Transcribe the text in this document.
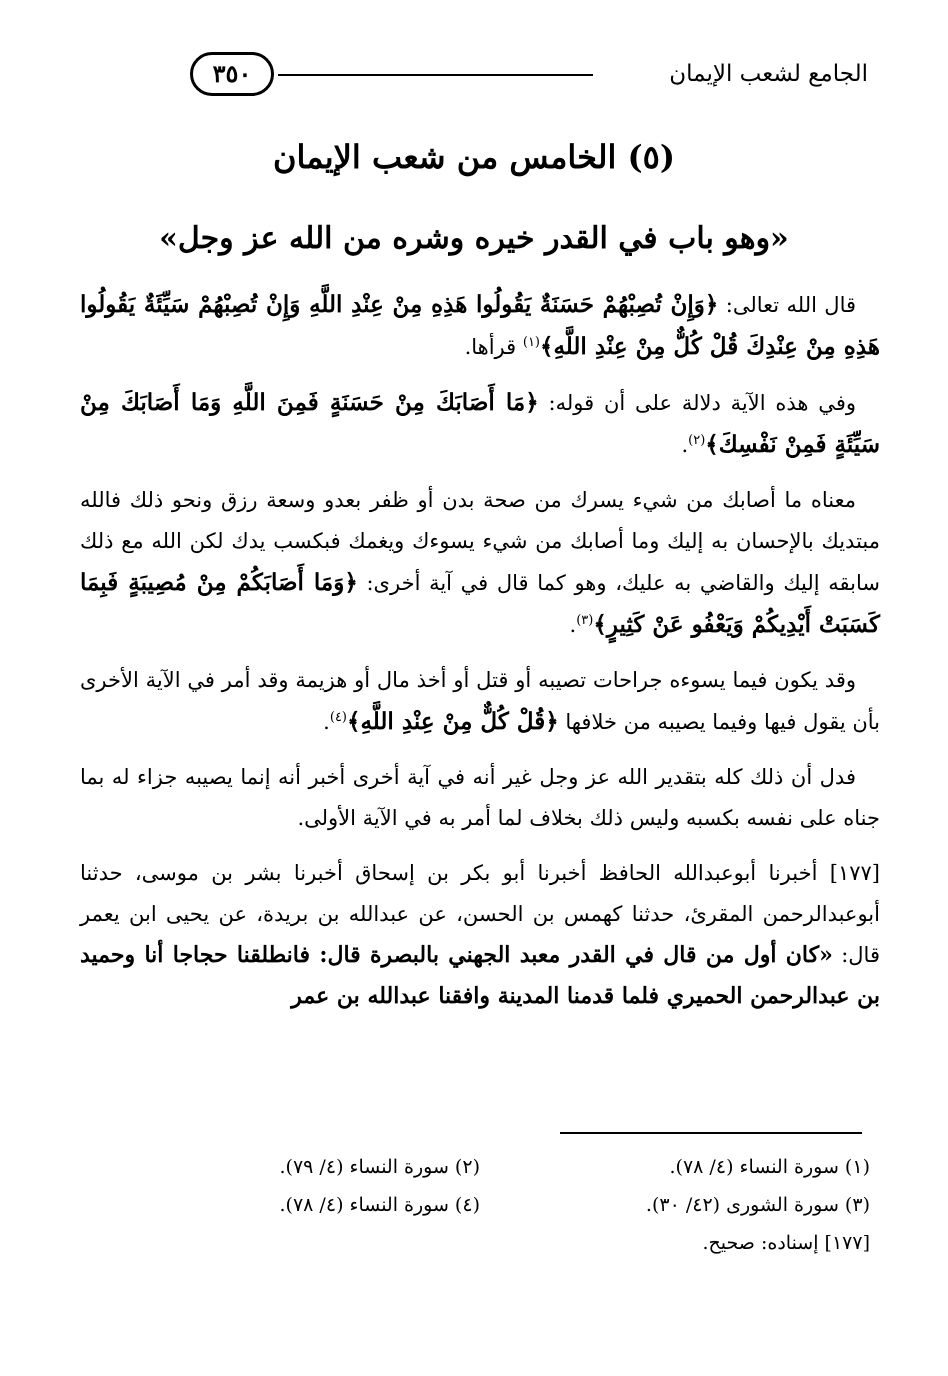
الجامع لشعب الإيمان
٣٥٠
(٥) الخامس من شعب الإيمان
«وهو باب في القدر خيره وشره من الله عز وجل»

قال الله تعالى: ﴿وَإِنْ تُصِبْهُمْ حَسَنَةٌ يَقُولُوا هَذِهِ مِنْ عِنْدِ اللَّهِ وَإِنْ تُصِبْهُمْ سَيِّئَةٌ يَقُولُوا هَذِهِ مِنْ عِنْدِكَ قُلْ كُلٌّ مِنْ عِنْدِ اللَّهِ﴾$^{(١)}$ قرأها.

وفي هذه الآية دلالة على أن قوله: ﴿مَا أَصَابَكَ مِنْ حَسَنَةٍ فَمِنَ اللَّهِ وَمَا أَصَابَكَ مِنْ سَيِّئَةٍ فَمِنْ نَفْسِكَ﴾$^{(٢)}$.

معناه ما أصابك من شيء يسرك من صحة بدن أو ظفر بعدو وسعة رزق ونحو ذلك فالله مبتديك بالإحسان به إليك وما أصابك من شيء يسوءك ويغمك فبكسب يدك لكن الله مع ذلك سابقه إليك والقاضي به عليك، وهو كما قال في آية أخرى: ﴿وَمَا أَصَابَكُمْ مِنْ مُصِيبَةٍ فَبِمَا كَسَبَتْ أَيْدِيكُمْ وَيَعْفُو عَنْ كَثِيرٍ﴾$^{(٣)}$.

وقد يكون فيما يسوءه جراحات تصيبه أو قتل أو أخذ مال أو هزيمة وقد أمر في الآية الأخرى بأن يقول فيها وفيما يصيبه من خلافها ﴿قُلْ كُلٌّ مِنْ عِنْدِ اللَّهِ﴾$^{(٤)}$.

فدل أن ذلك كله بتقدير الله عز وجل غير أنه في آية أخرى أخبر أنه إنما يصيبه جزاء له بما جناه على نفسه بكسبه وليس ذلك بخلاف لما أمر به في الآية الأولى.

[١٧٧] أخبرنا أبوعبدالله الحافظ أخبرنا أبو بكر بن إسحاق أخبرنا بشر بن موسى، حدثنا أبوعبدالرحمن المقرئ، حدثنا كهمس بن الحسن، عن عبدالله بن بريدة، عن يحيى ابن يعمر قال: «كان أول من قال في القدر معبد الجهني بالبصرة قال: فانطلقنا حجاجا أنا وحميد بن عبدالرحمن الحميري فلما قدمنا المدينة وافقنا عبدالله بن عمر

(١) سورة النساء (٤/ ٧٨).
(٢) سورة النساء (٤/ ٧٩).
(٣) سورة الشورى (٤٢/ ٣٠).
(٤) سورة النساء (٤/ ٧٨).
[١٧٧] إسناده: صحيح.
